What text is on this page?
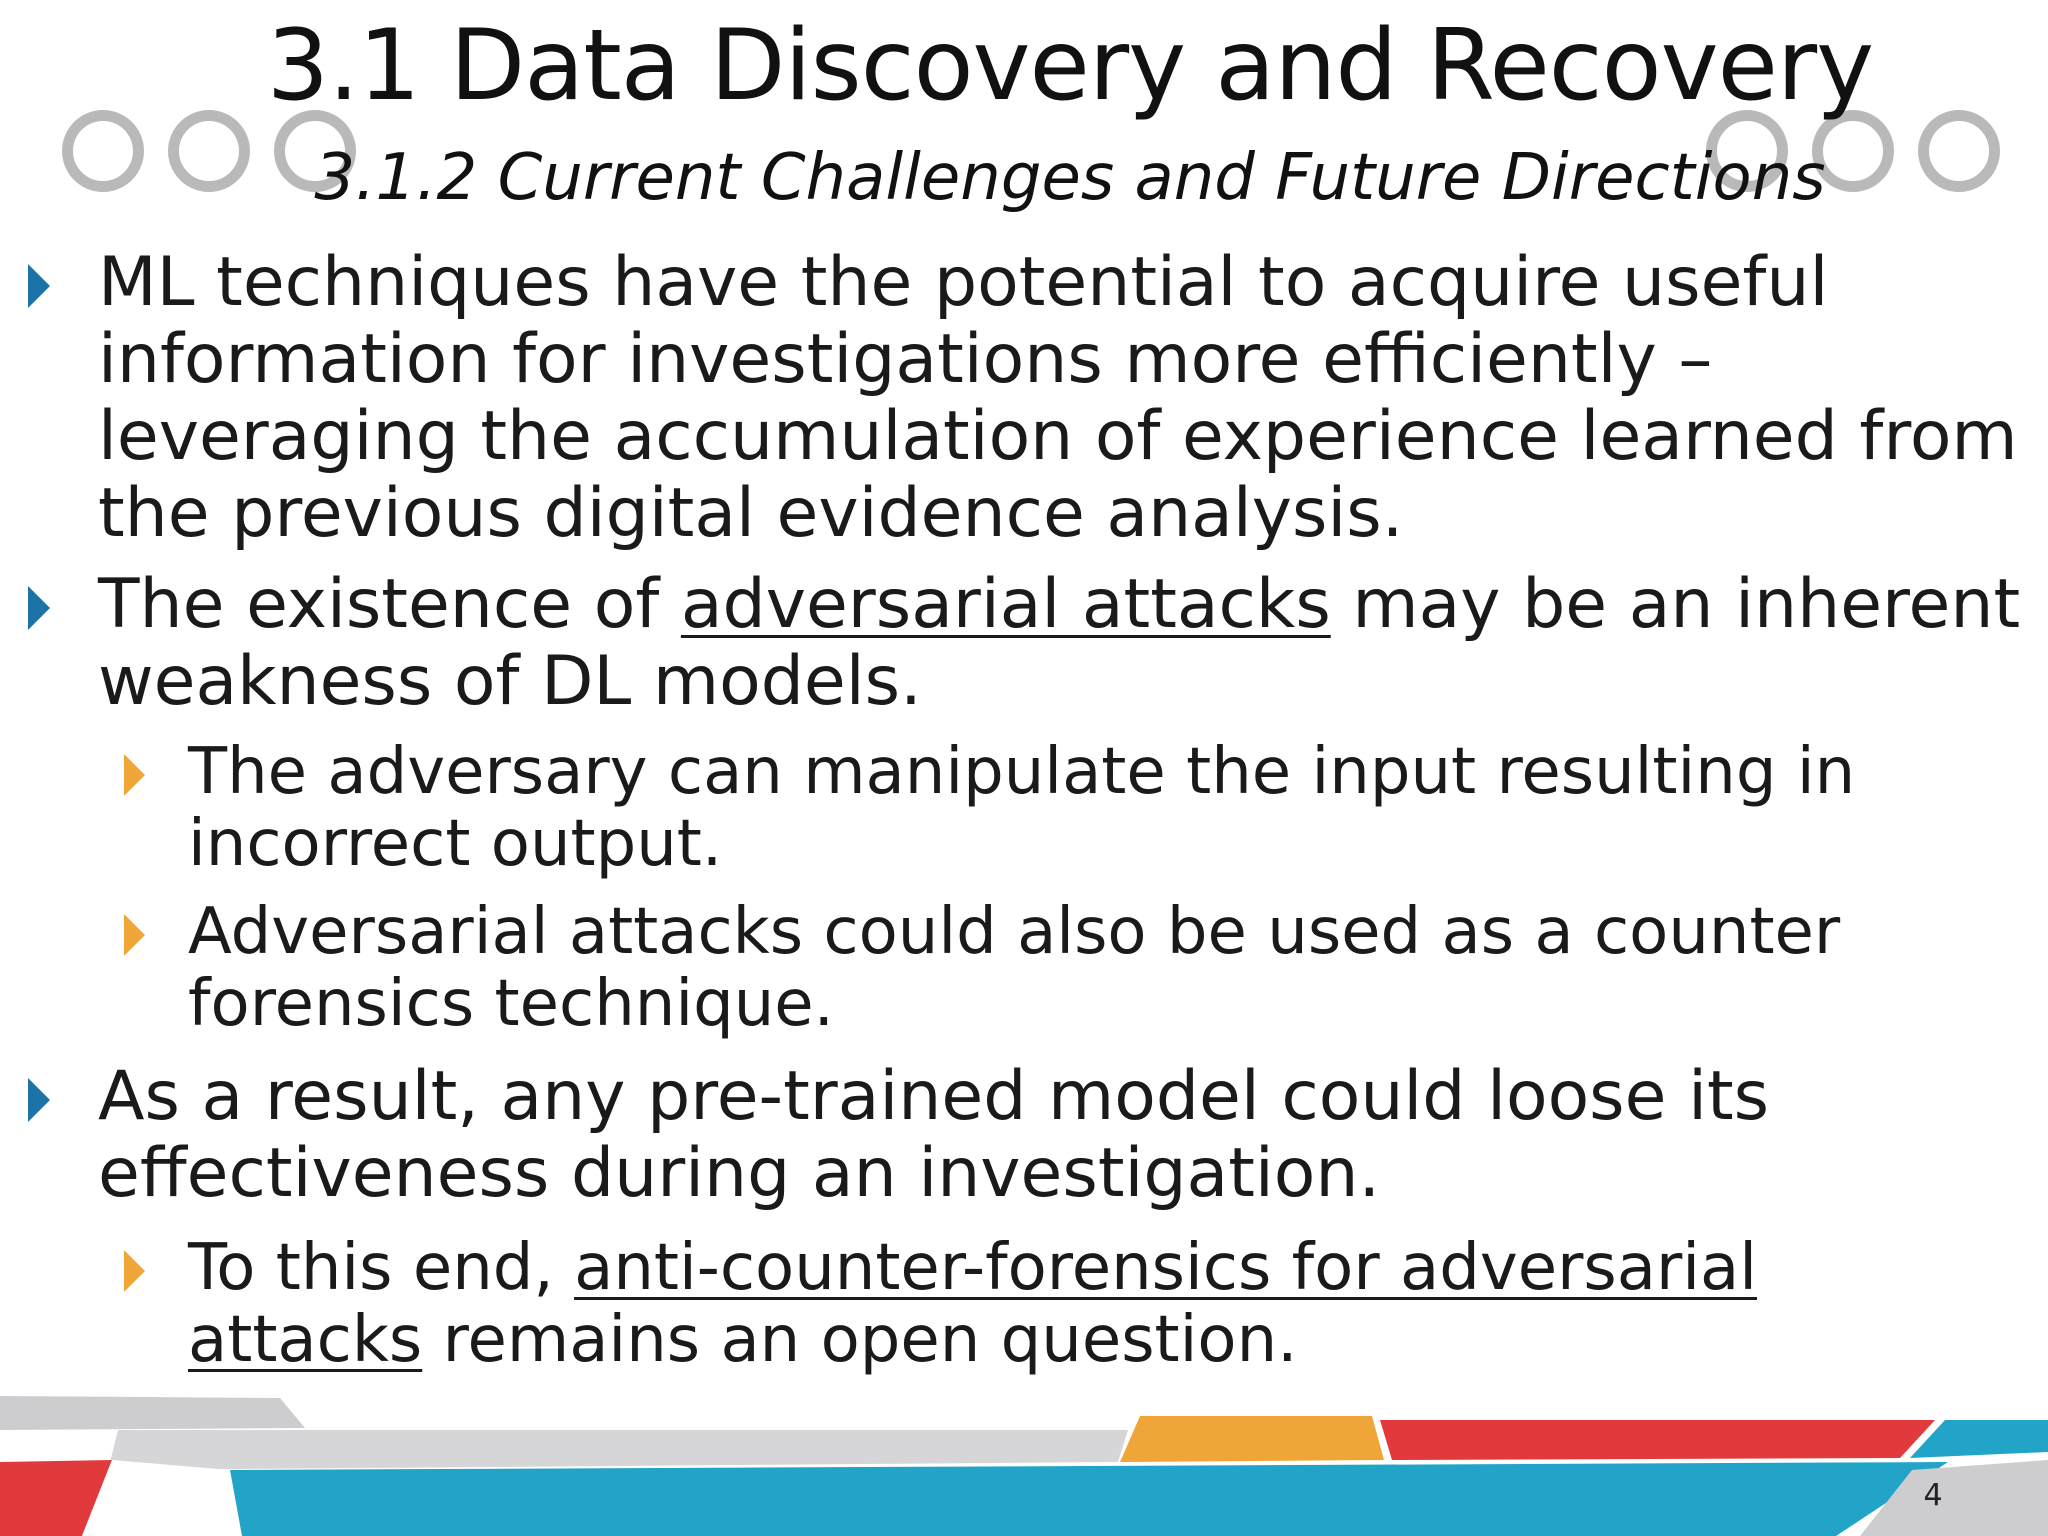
3.1 Data Discovery and Recovery
3.1.2 Current Challenges and Future Directions
ML techniques have the potential to acquire useful
information for investigations more efficiently –
leveraging the accumulation of experience learned from
the previous digital evidence analysis.
The existence of adversarial attacks may be an inherent
weakness of DL models.
The adversary can manipulate the input resulting in
incorrect output.
Adversarial attacks could also be used as a counter
forensics technique.
As a result, any pre-trained model could loose its
effectiveness during an investigation.
To this end, anti-counter-forensics for adversarial
attacks remains an open question.
4
